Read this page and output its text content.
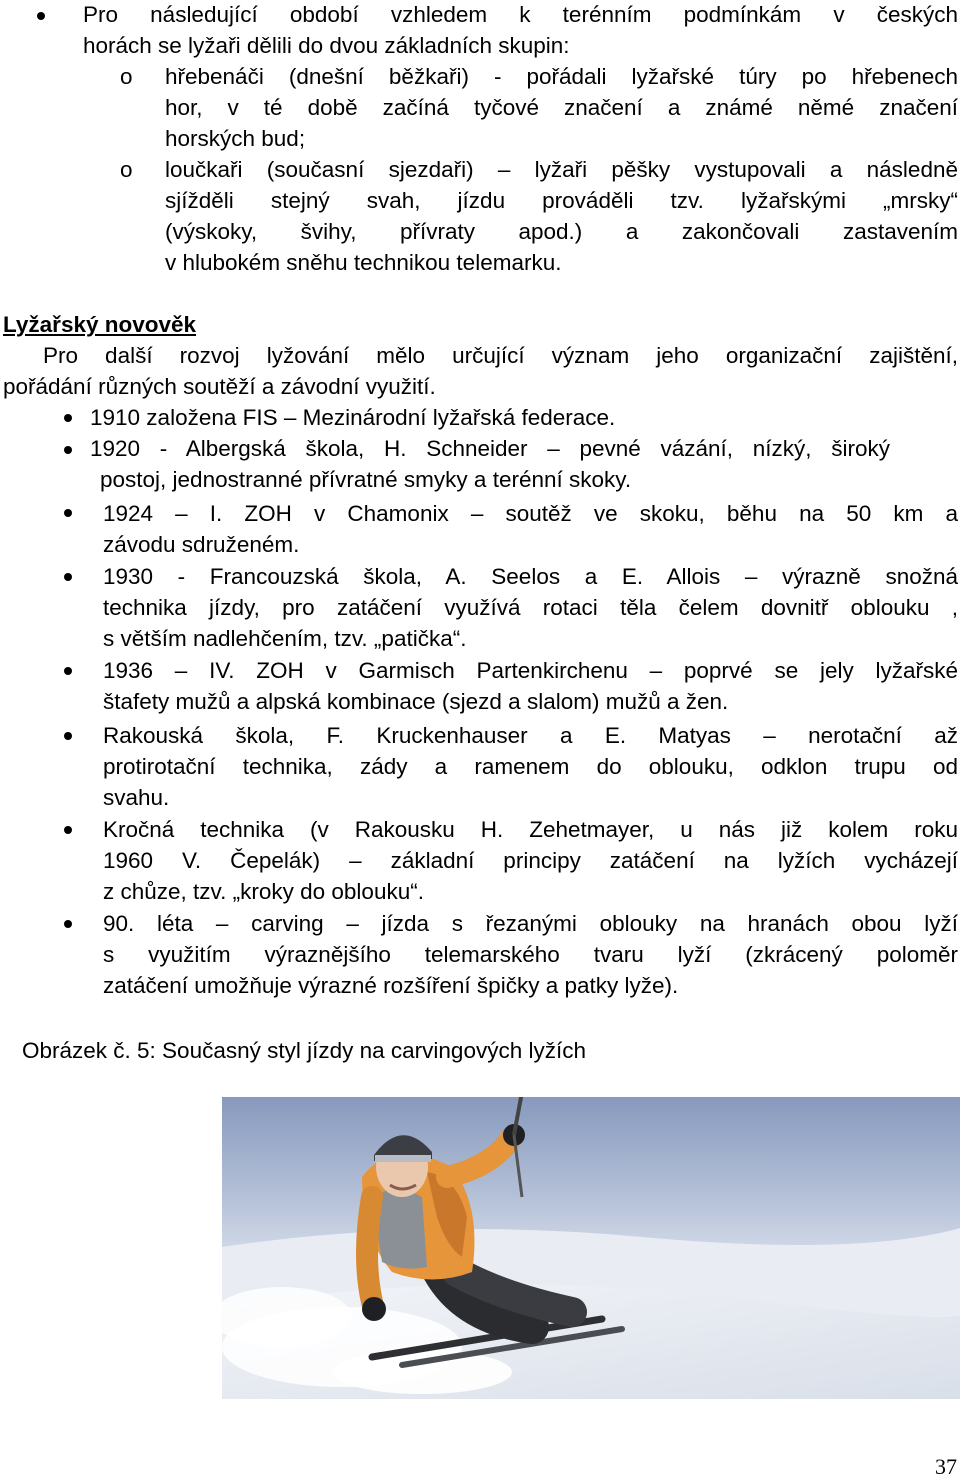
Pro následující období vzhledem k terénním podmínkám v českých
horách se lyžaři dělili do dvou základních skupin:
o hřebenáči (dnešní běžkaři) - pořádali lyžařské túry po hřebenech
hor, v té době začíná tyčové značení a známé němé značení
horských bud;
o loučkaři (současní sjezdaři) – lyžaři pěšky vystupovali a následně
sjížděli stejný svah, jízdu prováděli tzv. lyžařskými „mrsky“
(výskoky, švihy, přívraty apod.) a zakončovali zastavením
v hlubokém sněhu technikou telemarku.
Lyžařský novověk
Pro další rozvoj lyžování mělo určující význam jeho organizační zajištění,
pořádání různých soutěží a závodní využití.
1910 založena FIS – Mezinárodní lyžařská federace.
1920 - Albergská škola, H. Schneider – pevné vázání, nízký, široký
postoj, jednostranné přívratné smyky a terénní skoky.
1924 – I. ZOH v Chamonix – soutěž ve skoku, běhu na 50 km a
závodu sdruženém.
1930 - Francouzská škola, A. Seelos a E. Allois – výrazně snožná
technika jízdy, pro zatáčení využívá rotaci těla čelem dovnitř oblouku ,
s větším nadlehčením, tzv. „patička“.
1936 – IV. ZOH v Garmisch Partenkirchenu – poprvé se jely lyžařské
štafety mužů a alpská kombinace (sjezd a slalom) mužů a žen.
Rakouská škola, F. Kruckenhauser a E. Matyas – nerotační až
protirotační technika, zády a ramenem do oblouku, odklon trupu od
svahu.
Kročná technika (v Rakousku H. Zehetmayer, u nás již kolem roku
1960 V. Čepelák) – základní principy zatáčení na lyžích vycházejí
z chůze, tzv. „kroky do oblouku“.
90. léta – carving – jízda s řezanými oblouky na hranách obou lyží
s využitím výraznějšího telemarského tvaru lyží (zkrácený poloměr
zatáčení umožňuje výrazné rozšíření špičky a patky lyže).
Obrázek č. 5: Současný styl jízdy na carvingových lyžích
37
